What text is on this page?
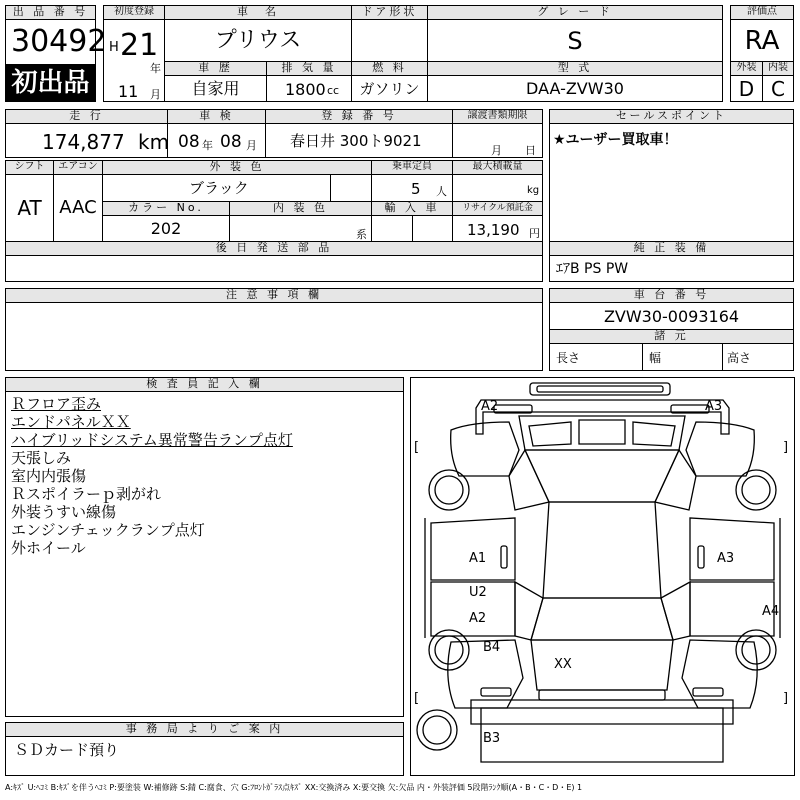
出 品 番 号
30492
初出品
初度登録
H 21
年
11 月
車　名
プリウス
ドア形状	グ レ ー ド
S
評価点
RA
外装	内装
D C
車 歴
自家用
排 気 量
1800 cc
燃 料
ガソリン
型 式
DAA-ZVW30
走 行
174,877 km
車 検
08 年 08 月
登 録 番 号
春日井 300ト9021
譲渡書類期限
月 日
セールスポイント
★ユーザー買取車！
シフト
AT
エアコン
AAC
外 装 色
ブラック
乗車定員
5 人
最大積載量
kg
カラー No.
202
内 装 色
系
輸 入 車	リサイクル預託金
13,190 円
後 日 発 送 部 品	純 正 装 備
ｴｱB PS PW
注 意 事 項 欄	車 台 番 号
ZVW30-0093164
諸 元
長さ	幅	高さ
検 査 員 記 入 欄
Ｒフロア歪み
エンドパネルＸＸ
ハイブリッドシステム異常警告ランプ点灯
天張しみ
室内内張傷
Ｒスポイラーｐ剥がれ
外装うすい線傷
エンジンチェックランプ点灯
外ホイール
事 務 局 よ り ご 案 内
ＳＤカード預り
A2	A3
A1	A3
U2
A2	A4
B4
XX
B3
[	]
[	]
A:ｷｽﾞ U:ﾍｺﾐ B:ｷｽﾞを伴うﾍｺﾐ P:要塗装 W:補修跡 S:錆 C:腐食、穴 G:ﾌﾛﾝﾄｶﾞﾗｽ点ｷｽﾞ XX:交換済み X:要交換 欠:欠品 内・外装評価 5段階ﾗﾝｸ順(A・B・C・D・E) 1
